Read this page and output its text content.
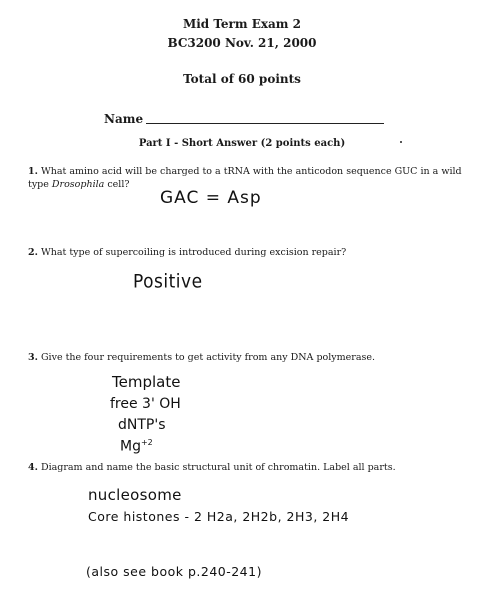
Mid Term Exam 2
BC3200 Nov. 21, 2000
Total of 60 points
Name
Part I - Short Answer (2 points each)
1. What amino acid will be charged to a tRNA with the anticodon sequence GUC in a wild type Drosophila cell?
GAC = Asp
2. What type of supercoiling is introduced during excision repair?
Positive
3. Give the four requirements to get activity from any DNA polymerase.
Template
free 3' OH
dNTP's
$Mg^{+2}$
4. Diagram and name the basic structural unit of chromatin. Label all parts.
nucleosome
Core histones - 2 H2a, 2H2b, 2H3, 2H4
(also see book p.240-241)
